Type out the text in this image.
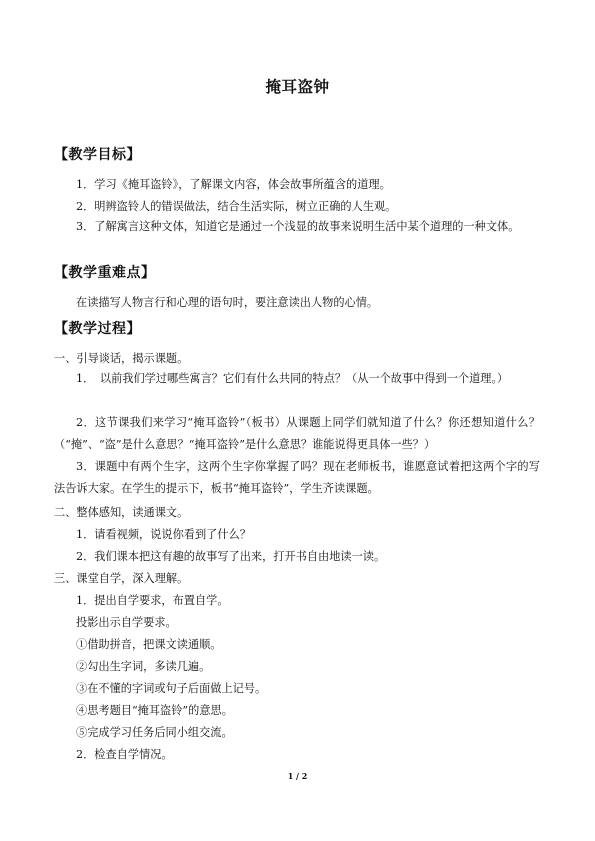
掩耳盗钟
【教学目标】
1．学习《掩耳盗铃》，了解课文内容，体会故事所蕴含的道理。
2．明辨盗铃人的错误做法，结合生活实际，树立正确的人生观。
3．了解寓言这种文体，知道它是通过一个浅显的故事来说明生活中某个道理的一种文体。
【教学重难点】
在读描写人物言行和心理的语句时，要注意读出人物的心情。
【教学过程】
一、引导谈话，揭示课题。
1．　以前我们学过哪些寓言？它们有什么共同的特点？（从一个故事中得到一个道理。）
2．这节课我们来学习“掩耳盗铃”（板书）从课题上同学们就知道了什么？你还想知道什么？（“掩”、“盗”是什么意思？“掩耳盗铃”是什么意思？谁能说得更具体一些？）
3．课题中有两个生字，这两个生字你掌握了吗？现在老师板书，谁愿意试着把这两个字的写法告诉大家。在学生的提示下，板书“掩耳盗铃”，学生齐读课题。
二、整体感知，读通课文。
1．请看视频，说说你看到了什么？
2．我们课本把这有趣的故事写了出来，打开书自由地读一读。
三、课堂自学，深入理解。
1．提出自学要求，布置自学。
投影出示自学要求。
①借助拼音，把课文读通顺。
②勾出生字词，多读几遍。
③在不懂的字词或句子后面做上记号。
④思考题目“掩耳盗铃”的意思。
⑤完成学习任务后同小组交流。
2．检查自学情况。
1 / 2
